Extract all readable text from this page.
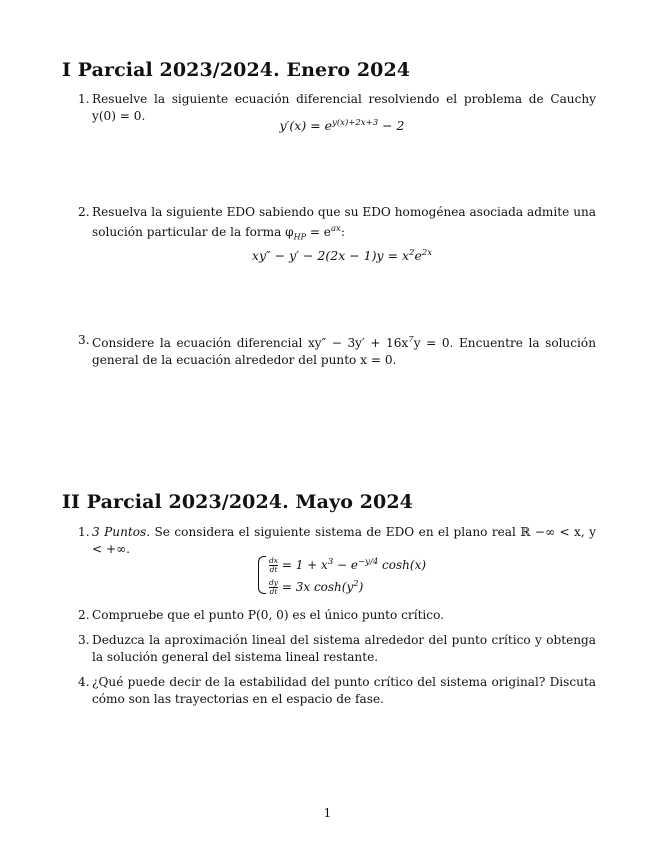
I Parcial 2023/2024. Enero 2024
1. Resuelve la siguiente ecuación diferencial resolviendo el problema de Cauchy y(0) = 0.
$y'(x) = e^{y(x)+2x+3} - 2$
2. Resuelva la siguiente EDO sabiendo que su EDO homogénea asociada admite una solución particular de la forma $\varphi_{HP} = e^{ax}$:
$xy'' - y' - 2(2x - 1)y = x^2e^{2x}$
3. Considere la ecuación diferencial $xy'' - 3y' + 16x^7y = 0$. Encuentre la solución general de la ecuación alrededor del punto x = 0.
II Parcial 2023/2024. Mayo 2024
1. 3 Puntos. Se considera el siguiente sistema de EDO en el plano real ℝ −∞ < x, y < +∞.
$\frac{dx}{dt} = 1 + x^3 - e^{-y/4}$ cosh(x)
$\frac{dy}{dt} = 3x$ $\cosh(y^2)$
2. Compruebe que el punto P(0, 0) es el único punto crítico.
3. Deduzca la aproximación lineal del sistema alrededor del punto crítico y obtenga la solución general del sistema lineal restante.
4. ¿Qué puede decir de la estabilidad del punto crítico del sistema original? Discuta cómo son las trayectorias en el espacio de fase.
1
